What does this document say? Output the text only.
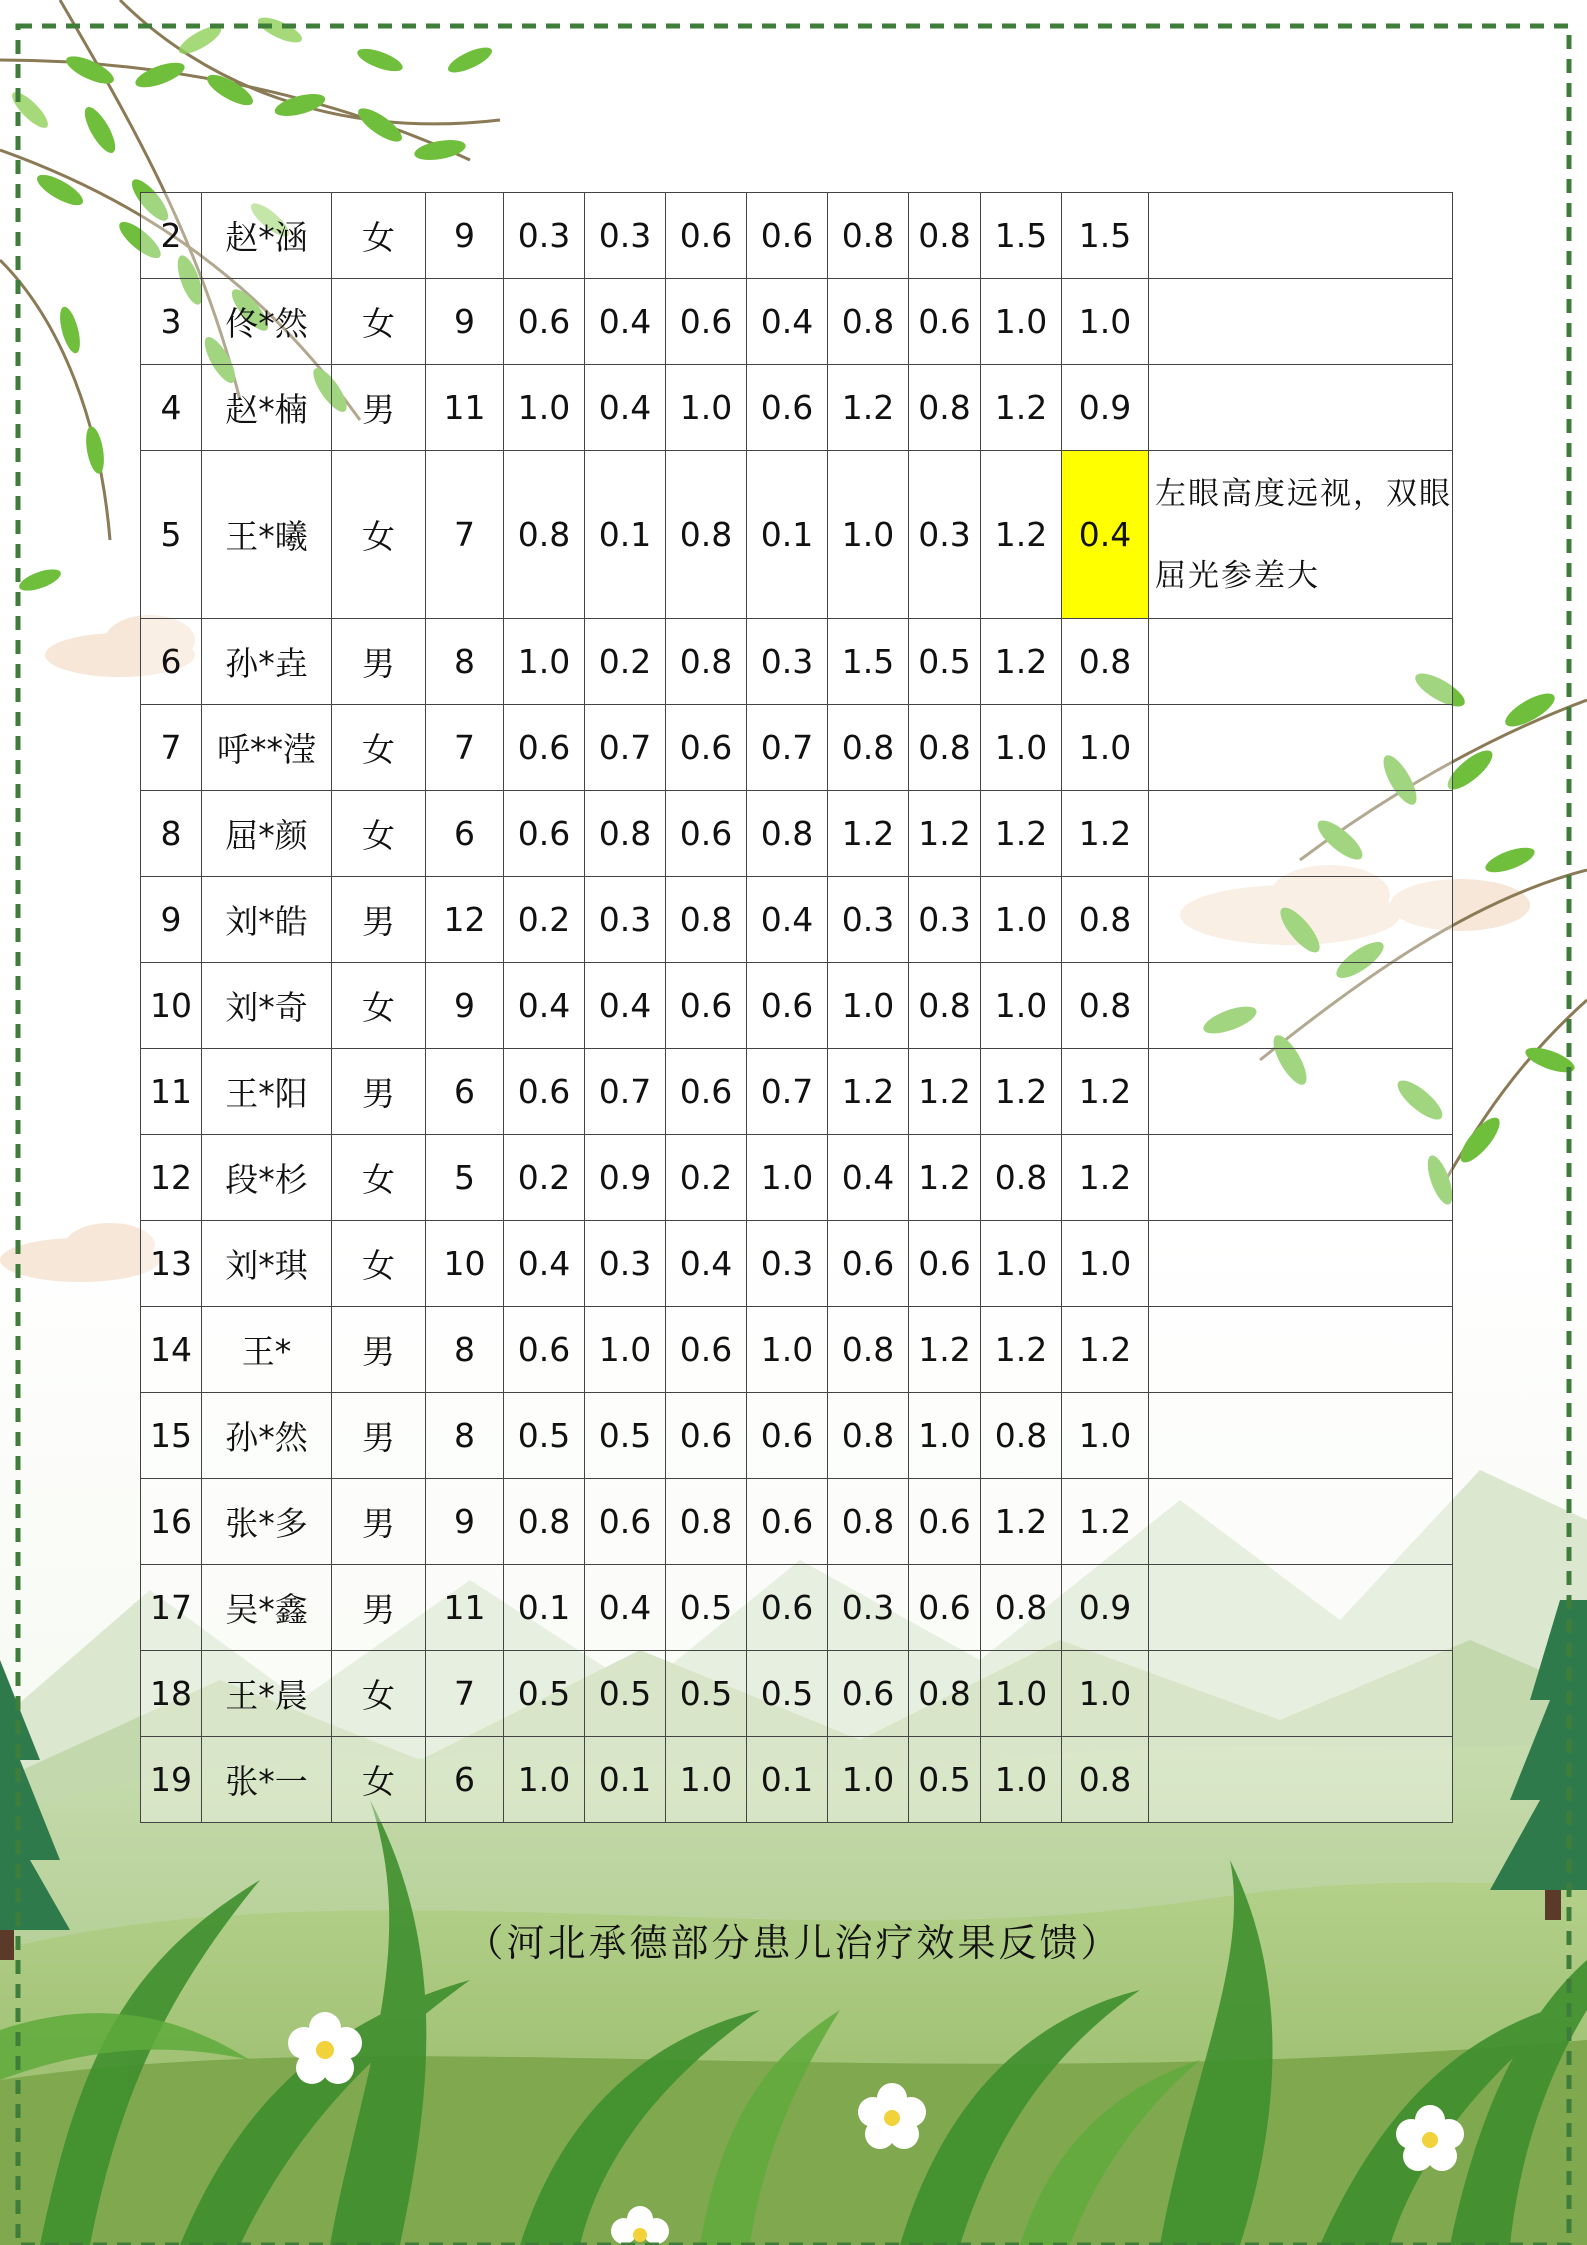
2	赵*涵	女	9	0.3	0.3	0.6	0.6	0.8	0.8	1.5	1.5	
3	佟*然	女	9	0.6	0.4	0.6	0.4	0.8	0.6	1.0	1.0	
4	赵*楠	男	11	1.0	0.4	1.0	0.6	1.2	0.8	1.2	0.9	
5	王*曦	女	7	0.8	0.1	0.8	0.1	1.0	0.3	1.2	0.4	左眼高度远视，双眼屈光参差大
6	孙*垚	男	8	1.0	0.2	0.8	0.3	1.5	0.5	1.2	0.8	
7	呼**滢	女	7	0.6	0.7	0.6	0.7	0.8	0.8	1.0	1.0	
8	屈*颜	女	6	0.6	0.8	0.6	0.8	1.2	1.2	1.2	1.2	
9	刘*皓	男	12	0.2	0.3	0.8	0.4	0.3	0.3	1.0	0.8	
10	刘*奇	女	9	0.4	0.4	0.6	0.6	1.0	0.8	1.0	0.8	
11	王*阳	男	6	0.6	0.7	0.6	0.7	1.2	1.2	1.2	1.2	
12	段*杉	女	5	0.2	0.9	0.2	1.0	0.4	1.2	0.8	1.2	
13	刘*琪	女	10	0.4	0.3	0.4	0.3	0.6	0.6	1.0	1.0	
14	王*	男	8	0.6	1.0	0.6	1.0	0.8	1.2	1.2	1.2	
15	孙*然	男	8	0.5	0.5	0.6	0.6	0.8	1.0	0.8	1.0	
16	张*多	男	9	0.8	0.6	0.8	0.6	0.8	0.6	1.2	1.2	
17	吴*鑫	男	11	0.1	0.4	0.5	0.6	0.3	0.6	0.8	0.9	
18	王*晨	女	7	0.5	0.5	0.5	0.5	0.6	0.8	1.0	1.0	
19	张*一	女	6	1.0	0.1	1.0	0.1	1.0	0.5	1.0	0.8	
（河北承德部分患儿治疗效果反馈）
